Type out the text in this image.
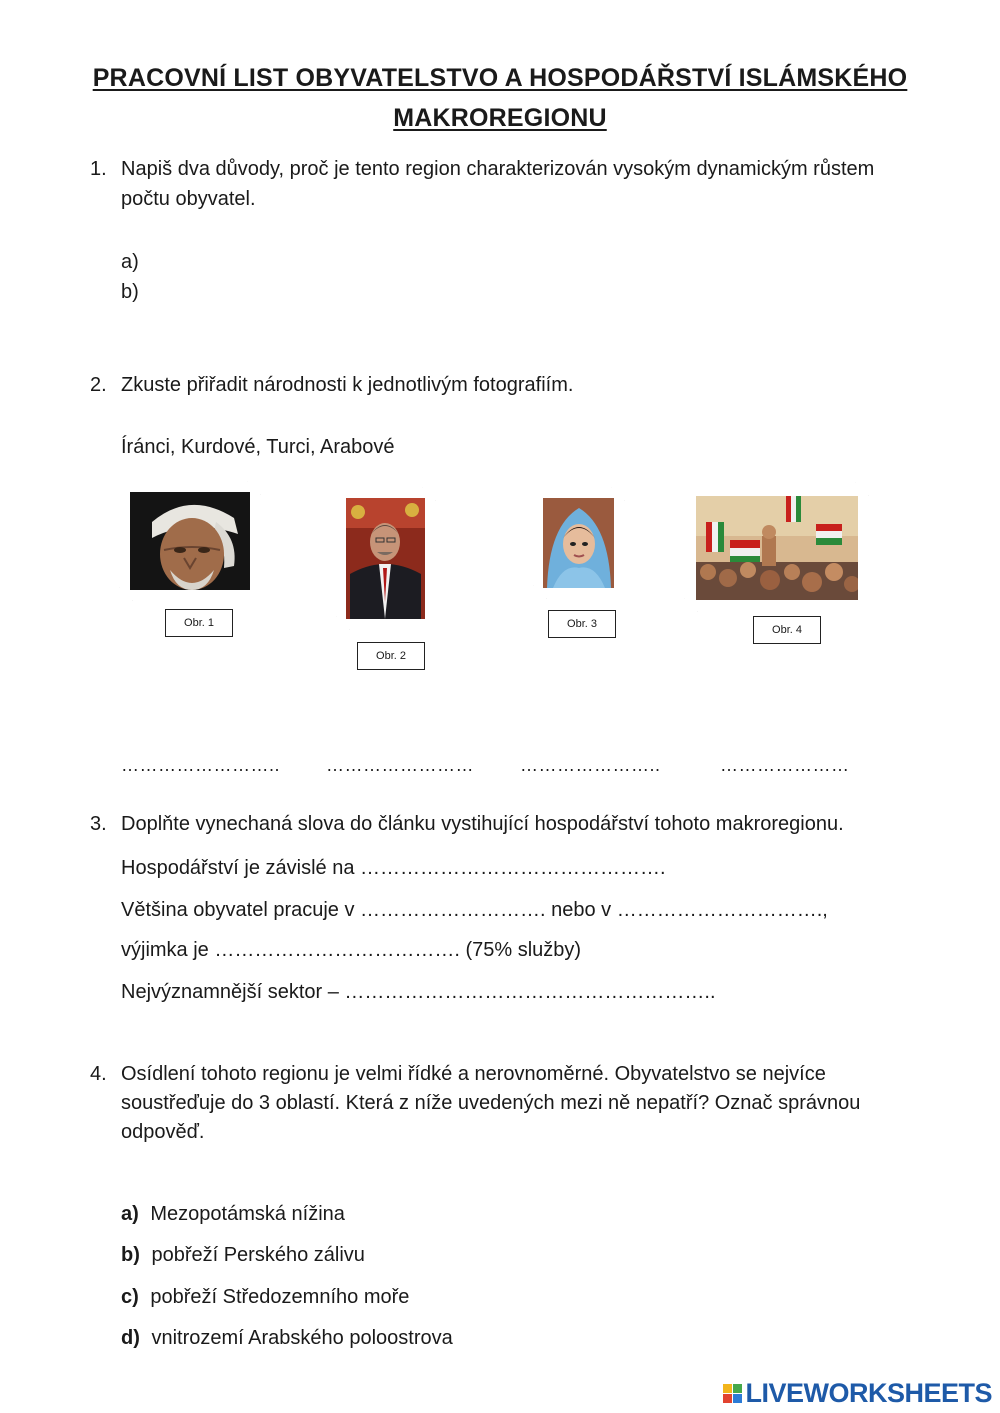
PRACOVNÍ LIST OBYVATELSTVO A HOSPODÁŘSTVÍ ISLÁMSKÉHO
MAKROREGIONU
1. Napiš dva důvody, proč je tento region charakterizován vysokým dynamickým růstem
počtu obyvatel.
a)
b)
2. Zkuste přiřadit národnosti k jednotlivým fotografiím.
Íránci, Kurdové, Turci, Arabové
Obr. 1
Obr. 2
Obr. 3	Obr. 4
……………………..	……………………	…………………..	…………………
3. Doplňte vynechaná slova do článku vystihující hospodářství tohoto makroregionu.
Hospodářství je závislé na ……………………………………….
Většina obyvatel pracuje v ………………………. nebo v ………………………….,
výjimka je ………………………………. (75% služby)
Nejvýznamnější sektor – ………………………………………………..
4. Osídlení tohoto regionu je velmi řídké a nerovnoměrné. Obyvatelstvo se nejvíce
soustřeďuje do 3 oblastí. Která z níže uvedených mezi ně nepatří? Označ správnou
odpověď.
a) Mezopotámská nížina
b) pobřeží Perského zálivu
c) pobřeží Středozemního moře
d) vnitrozemí Arabského poloostrova
LIVEWORKSHEETS
